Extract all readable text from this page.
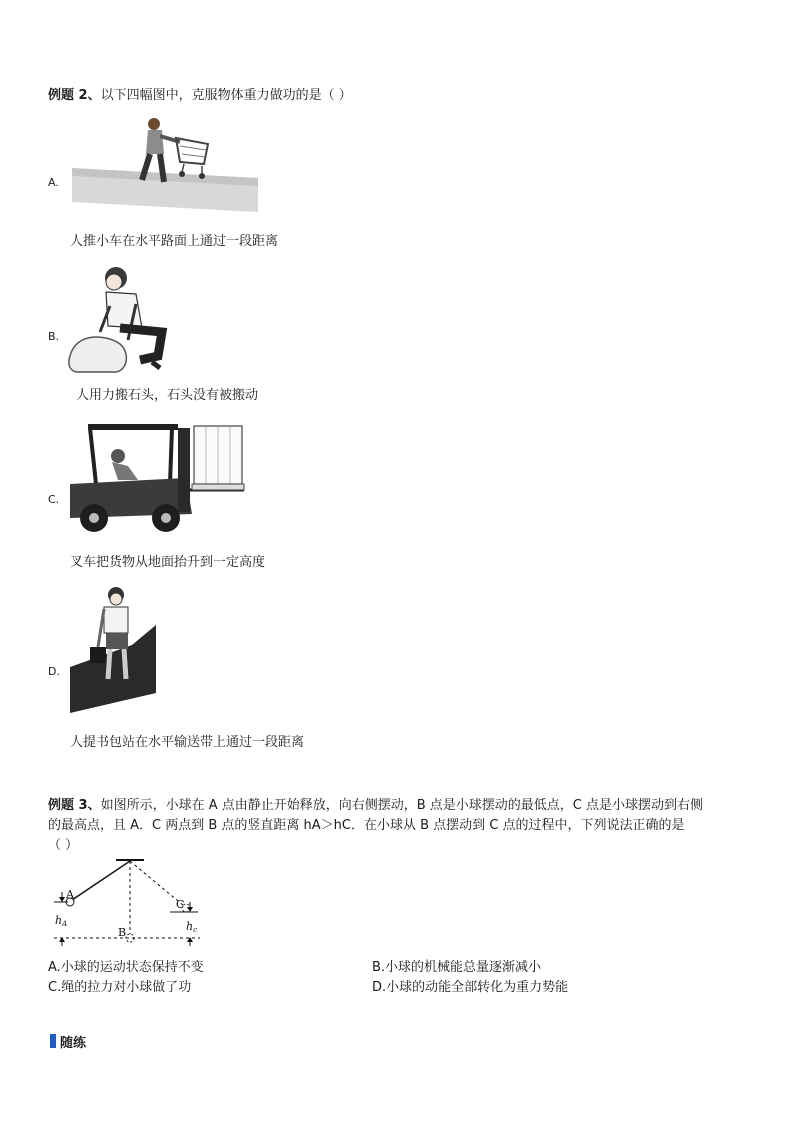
例题 2、以下四幅图中，克服物体重力做功的是（ ）
A.
人推小车在水平路面上通过一段距离
B.
人用力搬石头，石头没有被搬动
C.
叉车把货物从地面抬升到一定高度
D.
人提书包站在水平输送带上通过一段距离
例题 3、如图所示，小球在 A 点由静止开始释放，向右侧摆动，B 点是小球摆动的最低点，C 点是小球摆动到右侧
的最高点，且 A．C 两点到 B 点的竖直距离 hA＞hC．在小球从 B 点摆动到 C 点的过程中，下列说法正确的是
（ ）
A
B
C
hA	hc
A.小球的运动状态保持不变	B.小球的机械能总量逐渐减小
C.绳的拉力对小球做了功	D.小球的动能全部转化为重力势能
随练
